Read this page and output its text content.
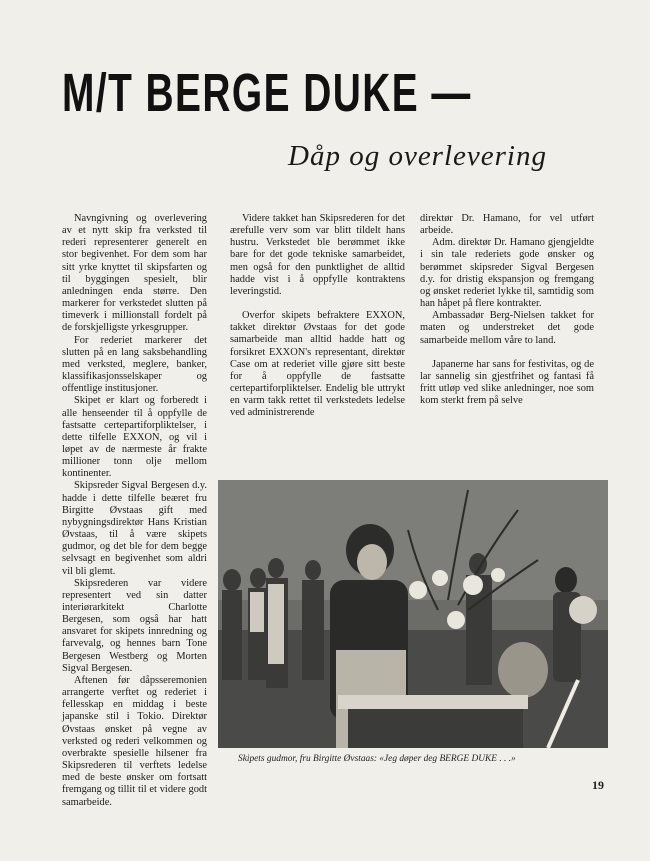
M/T BERGE DUKE —
Dåp og overlevering

Navngivning og overlevering av et nytt skip fra verksted til rederi representerer generelt en stor begivenhet. For dem som har sitt yrke knyttet til skipsfarten og til byggingen spesielt, blir anledningen enda større. Den markerer for verkstedet slutten på timeverk i millionstall fordelt på de forskjelligste yrkesgrupper.

For rederiet markerer det slutten på en lang saksbehandling med verksted, meglere, banker, klassifikasjonsselskaper og offentlige institusjoner.

Skipet er klart og forberedt i alle henseender til å oppfylle de fastsatte certepartiforpliktelser, i dette tilfelle EXXON, og vil i løpet av de nærmeste år frakte millioner tonn olje mellom kontinenter.

Skipsreder Sigval Bergesen d.y. hadde i dette tilfelle beæret fru Birgitte Øvstaas gift med nybygningsdirektør Hans Kristian Øvstaas, til å være skipets gudmor, og det ble for dem begge selvsagt en begivenhet som aldri vil bli glemt.

Skipsrederen var videre representert ved sin datter interiørarkitekt Charlotte Bergesen, som også har hatt ansvaret for skipets innredning og farvevalg, og hennes barn Tone Bergesen Westberg og Morten Sigval Bergesen.

Aftenen før dåpsseremonien arrangerte verftet og rederiet i fellesskap en middag i beste japanske stil i Tokio. Direktør Øvstaas ønsket på vegne av verksted og rederi velkommen og overbrakte spesielle hilsener fra Skipsrederen til verftets ledelse med de beste ønsker om fortsatt fremgang og tillit til et videre godt samarbeide.

Videre takket han Skipsrederen for det ærefulle verv som var blitt tildelt hans hustru. Verkstedet ble berømmet ikke bare for det gode tekniske samarbeidet, men også for den punktlighet de alltid hadde vist i å oppfylle kontraktens leveringstid.

Overfor skipets befraktere EXXON, takket direktør Øvstaas for det gode samarbeide man alltid hadde hatt og forsikret EXXON's representant, direktør Case om at rederiet ville gjøre sitt beste for å oppfylle de fastsatte certepartiforpliktelser. Endelig ble uttrykt en varm takk rettet til verkstedets ledelse ved administrerende

direktør Dr. Hamano, for vel utført arbeide.

Adm. direktør Dr. Hamano gjengjeldte i sin tale rederiets gode ønsker og berømmet skipsreder Sigval Bergesen d.y. for dristig ekspansjon og fremgang og ønsket rederiet lykke til, samtidig som han håpet på flere kontrakter.

Ambassadør Berg-Nielsen takket for maten og understreket det gode samarbeide mellom våre to land.

Japanerne har sans for festivitas, og de lar sannelig sin gjestfrihet og fantasi få fritt utløp ved slike anledninger, noe som kom sterkt frem på selve

Skipets gudmor, fru Birgitte Øvstaas: «Jeg døper deg BERGE DUKE . . .»
19
